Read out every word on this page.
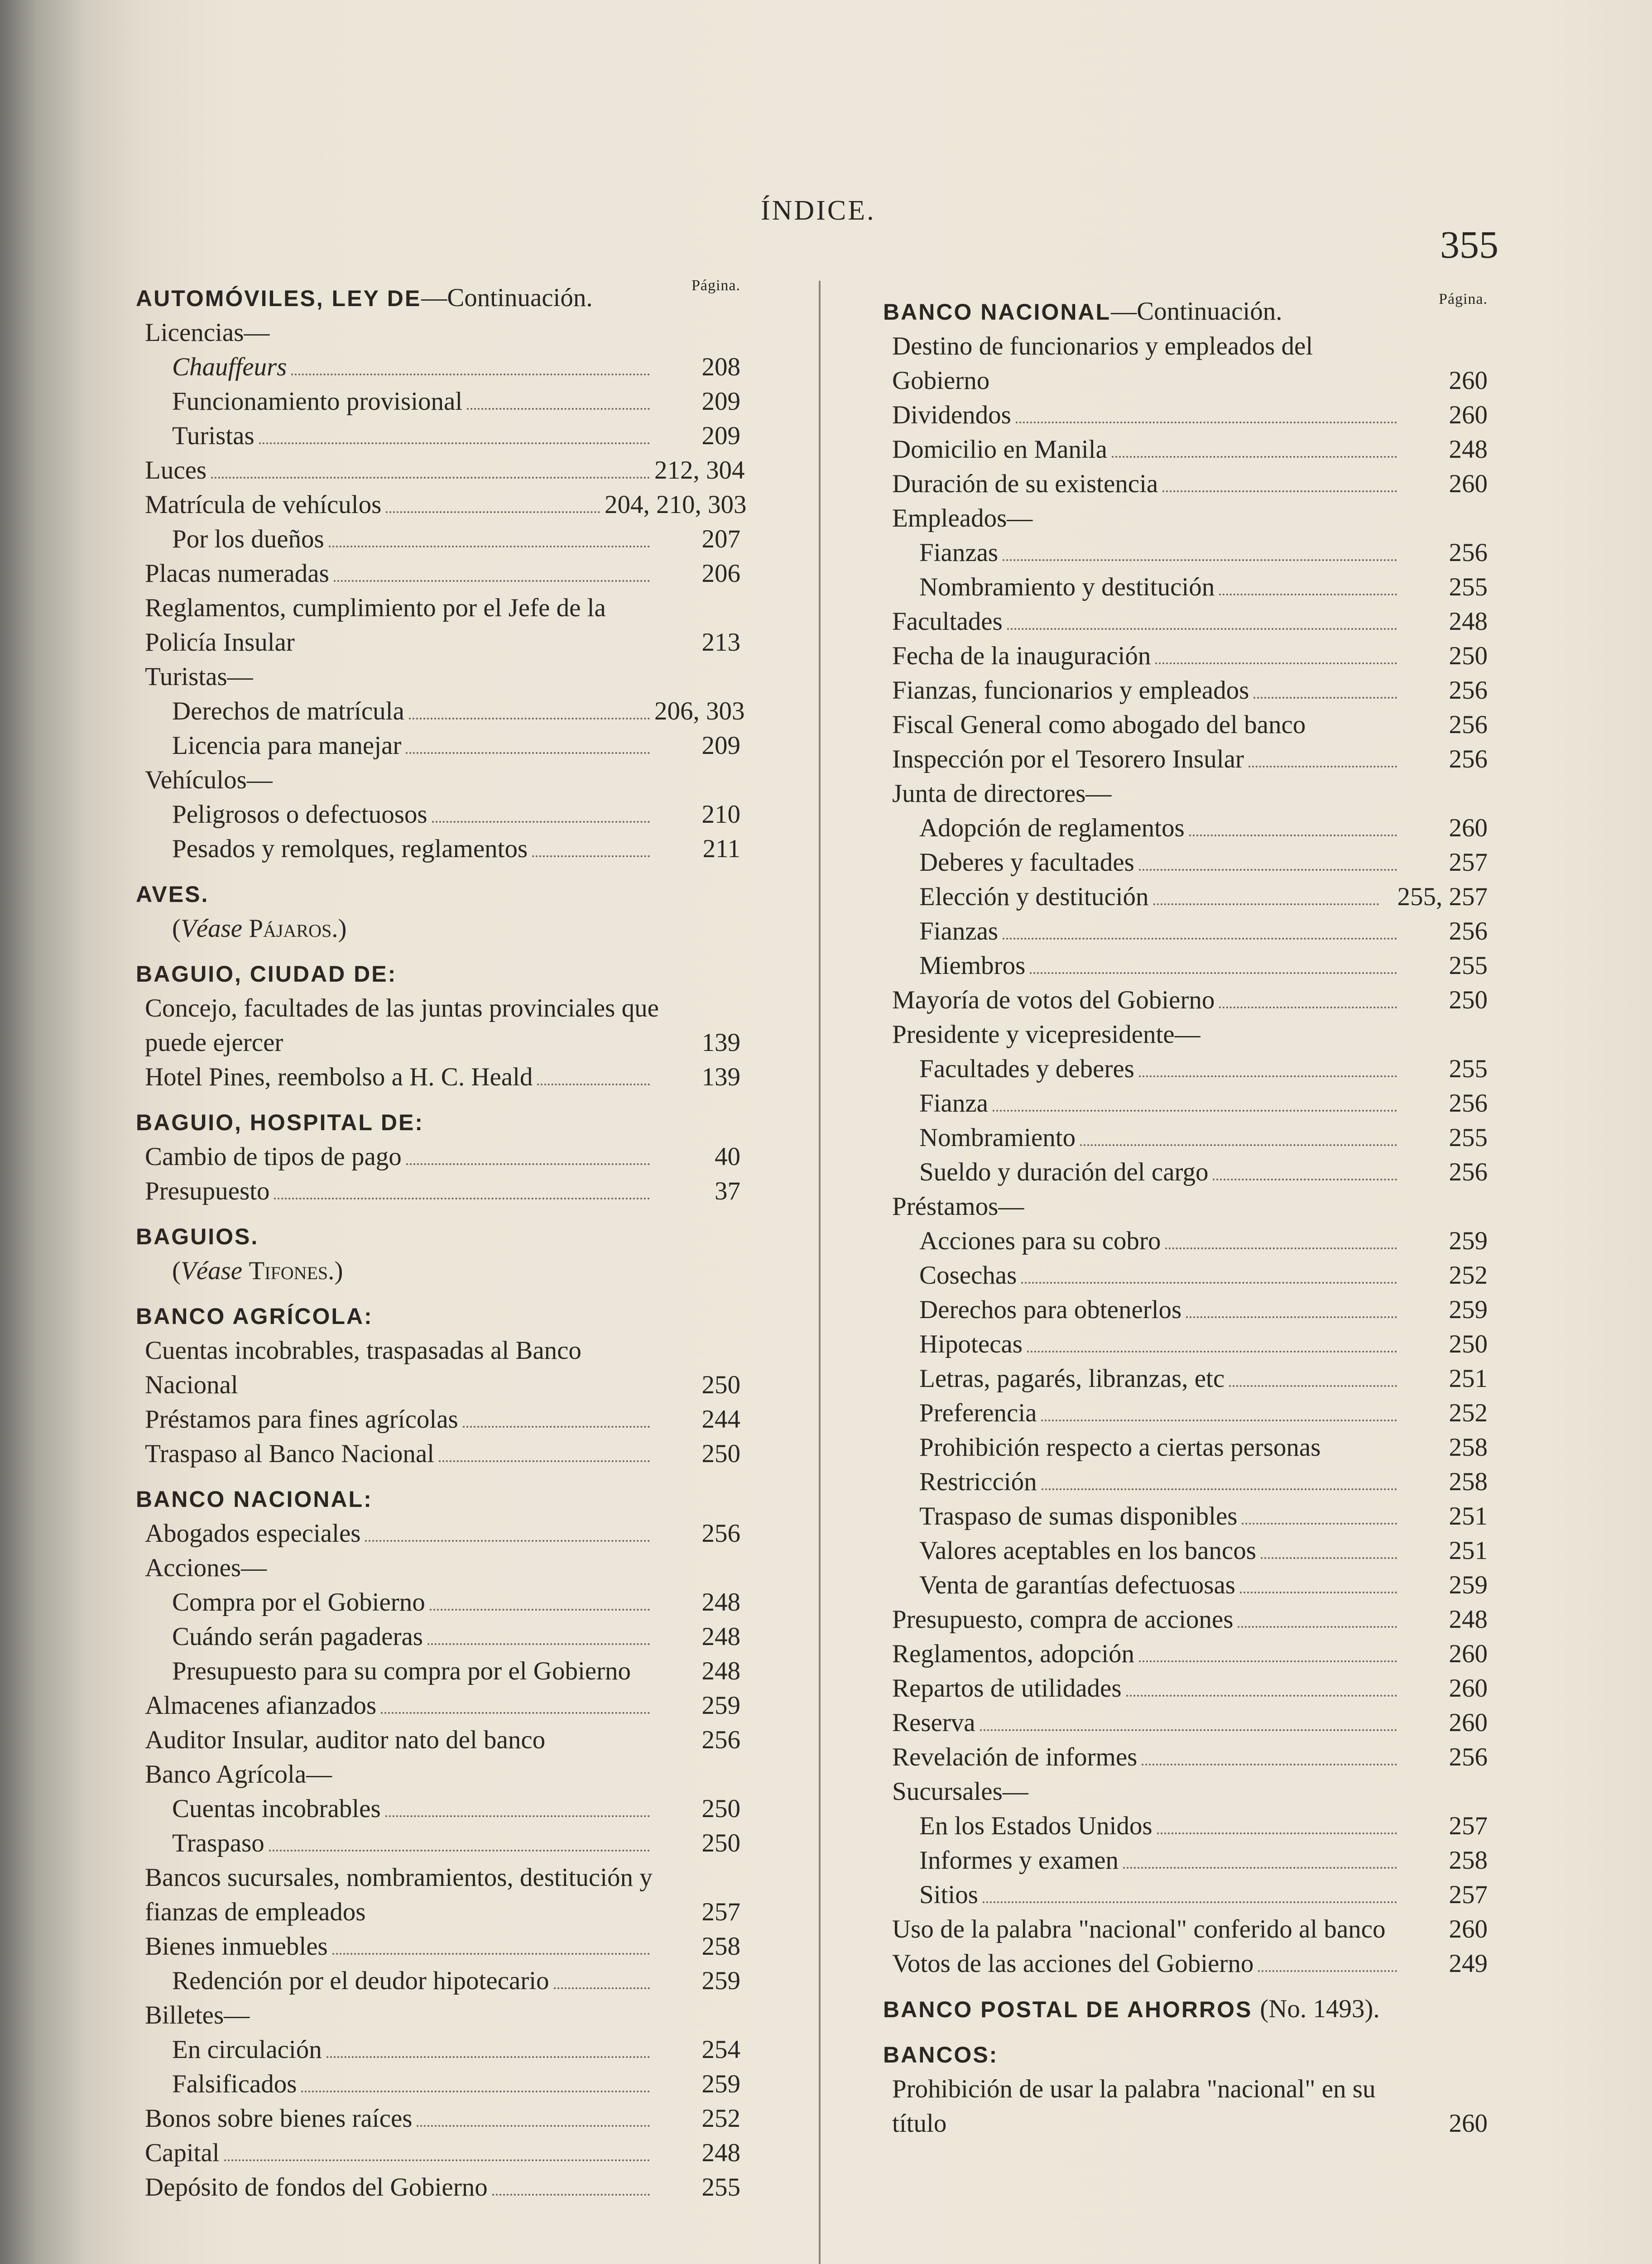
ÍNDICE.
355
Página.
AUTOMÓVILES, LEY DE—Continuación.
Licencias—
Chauffeurs	208
Funcionamiento provisional	209
Turistas	209
Luces	212, 304
Matrícula de vehículos	204, 210, 303
Por los dueños	207
Placas numeradas	206
Reglamentos, cumplimiento por el Jefe de la Policía Insular	213
Turistas—
Derechos de matrícula	206, 303
Licencia para manejar	209
Vehículos—
Peligrosos o defectuosos	210
Pesados y remolques, reglamentos	211
AVES.
(Véase Pájaros.)
BAGUIO, CIUDAD DE:
Concejo, facultades de las juntas provinciales que puede ejercer	139
Hotel Pines, reembolso a H. C. Heald	139
BAGUIO, HOSPITAL DE:
Cambio de tipos de pago	40
Presupuesto	37
BAGUIOS.
(Véase Tifones.)
BANCO AGRÍCOLA:
Cuentas incobrables, traspasadas al Banco Nacional	250
Préstamos para fines agrícolas	244
Traspaso al Banco Nacional	250
BANCO NACIONAL:
Abogados especiales	256
Acciones—
Compra por el Gobierno	248
Cuándo serán pagaderas	248
Presupuesto para su compra por el Gobierno	248
Almacenes afianzados	259
Auditor Insular, auditor nato del banco	256
Banco Agrícola—
Cuentas incobrables	250
Traspaso	250
Bancos sucursales, nombramientos, destitución y fianzas de empleados	257
Bienes inmuebles	258
Redención por el deudor hipotecario	259
Billetes—
En circulación	254
Falsificados	259
Bonos sobre bienes raíces	252
Capital	248
Depósito de fondos del Gobierno	255
Página.
BANCO NACIONAL—Continuación.
Destino de funcionarios y empleados del Gobierno	260
Dividendos	260
Domicilio en Manila	248
Duración de su existencia	260
Empleados—
Fianzas	256
Nombramiento y destitución	255
Facultades	248
Fecha de la inauguración	250
Fianzas, funcionarios y empleados	256
Fiscal General como abogado del banco	256
Inspección por el Tesorero Insular	256
Junta de directores—
Adopción de reglamentos	260
Deberes y facultades	257
Elección y destitución	255, 257
Fianzas	256
Miembros	255
Mayoría de votos del Gobierno	250
Presidente y vicepresidente—
Facultades y deberes	255
Fianza	256
Nombramiento	255
Sueldo y duración del cargo	256
Préstamos—
Acciones para su cobro	259
Cosechas	252
Derechos para obtenerlos	259
Hipotecas	250
Letras, pagarés, libranzas, etc	251
Preferencia	252
Prohibición respecto a ciertas personas	258
Restricción	258
Traspaso de sumas disponibles	251
Valores aceptables en los bancos	251
Venta de garantías defectuosas	259
Presupuesto, compra de acciones	248
Reglamentos, adopción	260
Repartos de utilidades	260
Reserva	260
Revelación de informes	256
Sucursales—
En los Estados Unidos	257
Informes y examen	258
Sitios	257
Uso de la palabra "nacional" conferido al banco	260
Votos de las acciones del Gobierno	249
BANCO POSTAL DE AHORROS (No. 1493).
BANCOS:
Prohibición de usar la palabra "nacional" en su título	260
